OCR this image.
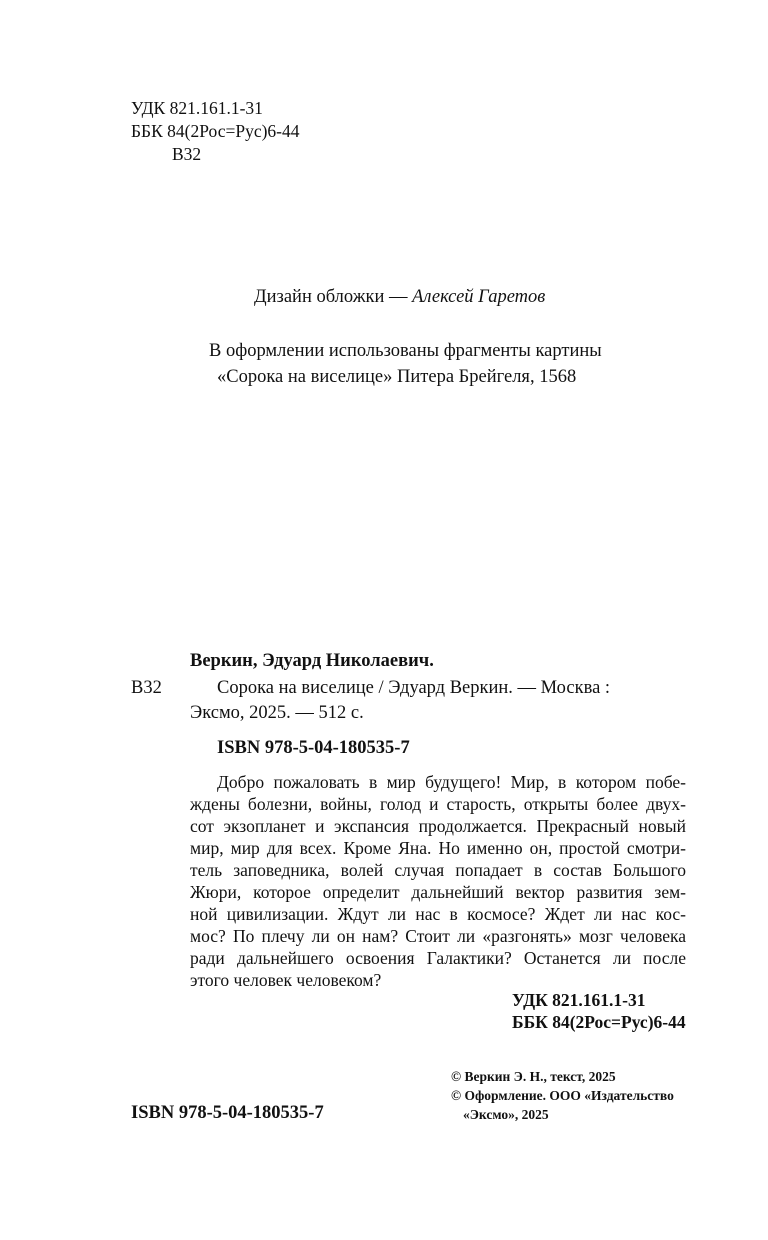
УДК 821.161.1-31
ББК 84(2Рос=Рус)6-44
В32
Дизайн обложки — Алексей Гаретов
В оформлении использованы фрагменты картины
«Сорока на виселице» Питера Брейгеля, 1568
Веркин, Эдуард Николаевич.
В32	Сорока на виселице / Эдуард Веркин. — Москва :
Эксмо, 2025. — 512 с.
ISBN 978-5-04-180535-7
Добро пожаловать в мир будущего! Мир, в котором побе-
ждены болезни, войны, голод и старость, открыты более двух-
сот экзопланет и экспансия продолжается. Прекрасный новый
мир, мир для всех. Кроме Яна. Но именно он, простой смотри-
тель заповедника, волей случая попадает в состав Большого
Жюри, которое определит дальнейший вектор развития зем-
ной цивилизации. Ждут ли нас в космосе? Ждет ли нас кос-
мос? По плечу ли он нам? Стоит ли «разгонять» мозг человека
ради дальнейшего освоения Галактики? Останется ли после
этого человек человеком?
УДК 821.161.1-31
ББК 84(2Рос=Рус)6-44
ISBN 978-5-04-180535-7
© Веркин Э. Н., текст, 2025
© Оформление. ООО «Издательство
«Эксмо», 2025
